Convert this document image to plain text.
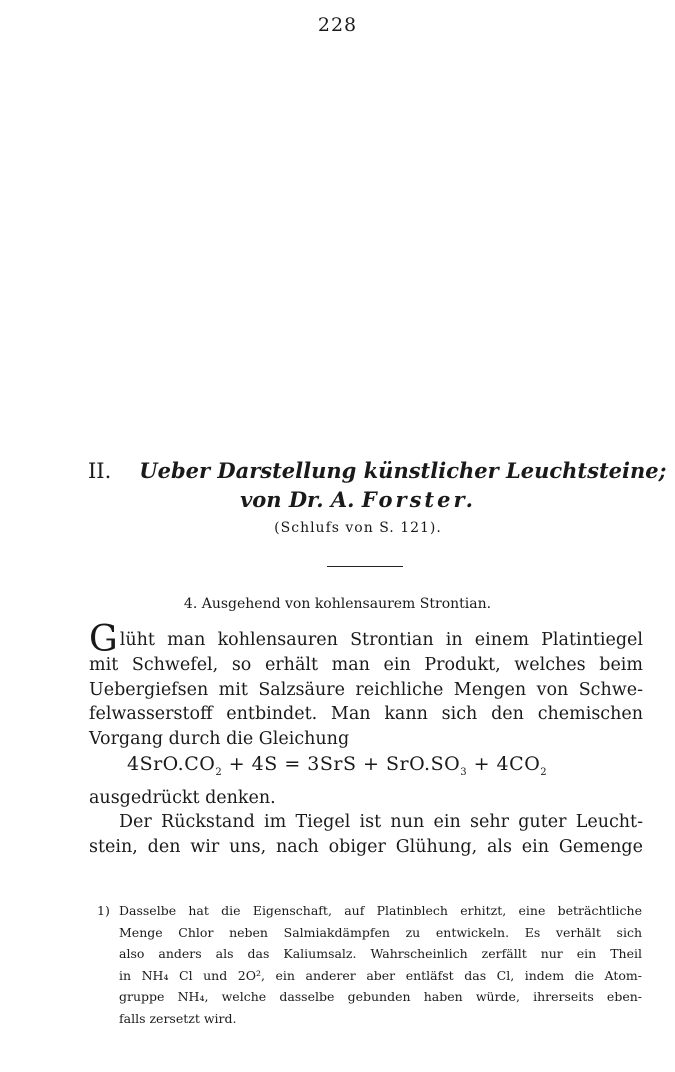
228
II. Ueber Darstellung künstlicher Leuchtsteine;
von Dr. A. Forster.
(Schlufs von S. 121).
4. Ausgehend von kohlensaurem Strontian.
Glüht man kohlensauren Strontian in einem Platintiegel
mit Schwefel, so erhält man ein Produkt, welches beim
Uebergiefsen mit Salzsäure reichliche Mengen von Schwe-
felwasserstoff entbindet. Man kann sich den chemischen
Vorgang durch die Gleichung
$4SrO.CO_2 + 4S = 3SrS + SrO.SO_3 + 4CO_2$
ausgedrückt denken.
Der Rückstand im Tiegel ist nun ein sehr guter Leucht-
stein, den wir uns, nach obiger Glühung, als ein Gemenge
1) Dasselbe hat die Eigenschaft, auf Platinblech erhitzt, eine beträchtliche
Menge Chlor neben Salmiakdämpfen zu entwickeln. Es verhält sich
also anders als das Kaliumsalz. Wahrscheinlich zerfällt nur ein Theil
in NH₄ Cl und 2O², ein anderer aber entläfst das Cl, indem die Atom-
gruppe NH₄, welche dasselbe gebunden haben würde, ihrerseits eben-
falls zersetzt wird.
